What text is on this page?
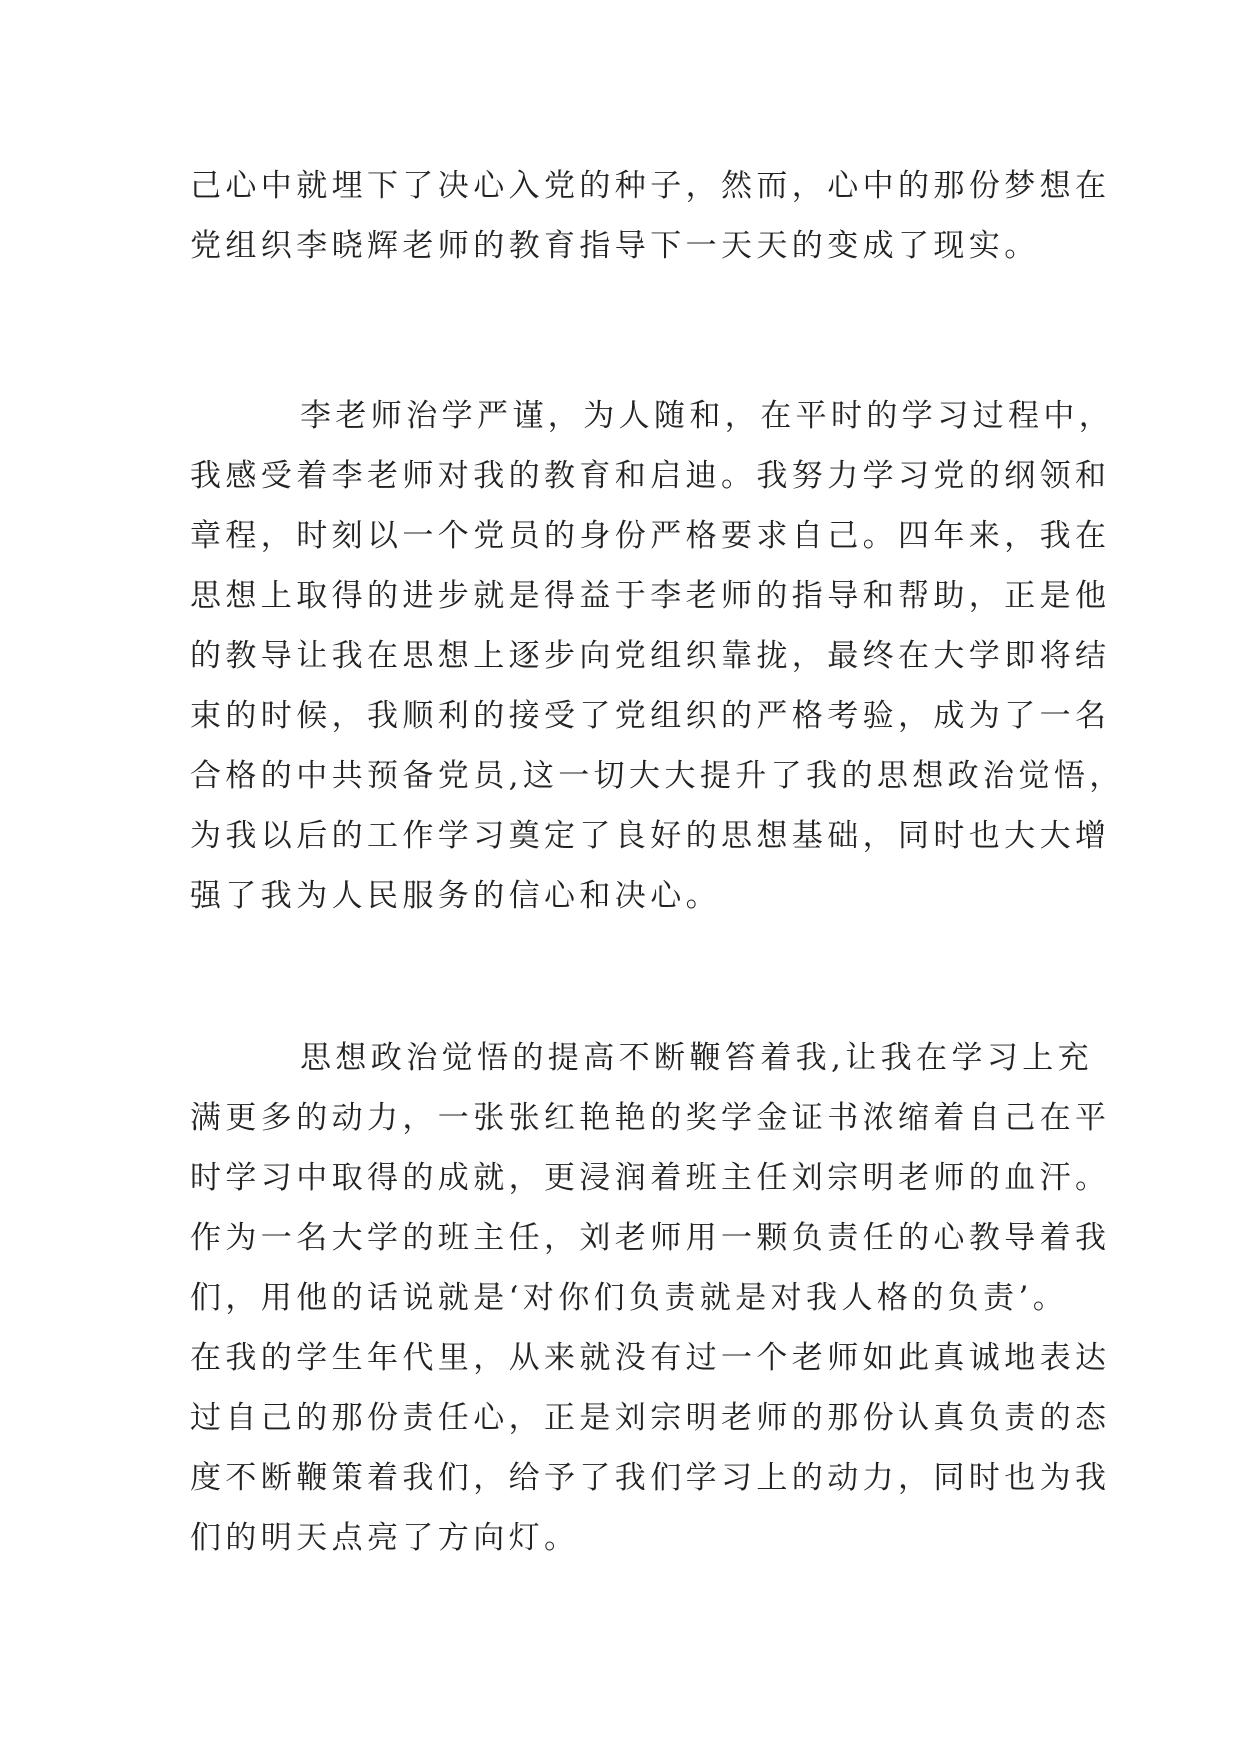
己心中就埋下了决心入党的种子，然而，心中的那份梦想在
党组织李晓辉老师的教育指导下一天天的变成了现实。
李老师治学严谨，为人随和，在平时的学习过程中，
我感受着李老师对我的教育和启迪。我努力学习党的纲领和
章程，时刻以一个党员的身份严格要求自己。四年来，我在
思想上取得的进步就是得益于李老师的指导和帮助，正是他
的教导让我在思想上逐步向党组织靠拢，最终在大学即将结
束的时候，我顺利的接受了党组织的严格考验，成为了一名
合格的中共预备党员,这一切大大提升了我的思想政治觉悟，
为我以后的工作学习奠定了良好的思想基础，同时也大大增
强了我为人民服务的信心和决心。
思想政治觉悟的提高不断鞭笞着我,让我在学习上充
满更多的动力，一张张红艳艳的奖学金证书浓缩着自己在平
时学习中取得的成就，更浸润着班主任刘宗明老师的血汗。
作为一名大学的班主任，刘老师用一颗负责任的心教导着我
们，用他的话说就是‘对你们负责就是对我人格的负责’。
在我的学生年代里，从来就没有过一个老师如此真诚地表达
过自己的那份责任心，正是刘宗明老师的那份认真负责的态
度不断鞭策着我们，给予了我们学习上的动力，同时也为我
们的明天点亮了方向灯。
